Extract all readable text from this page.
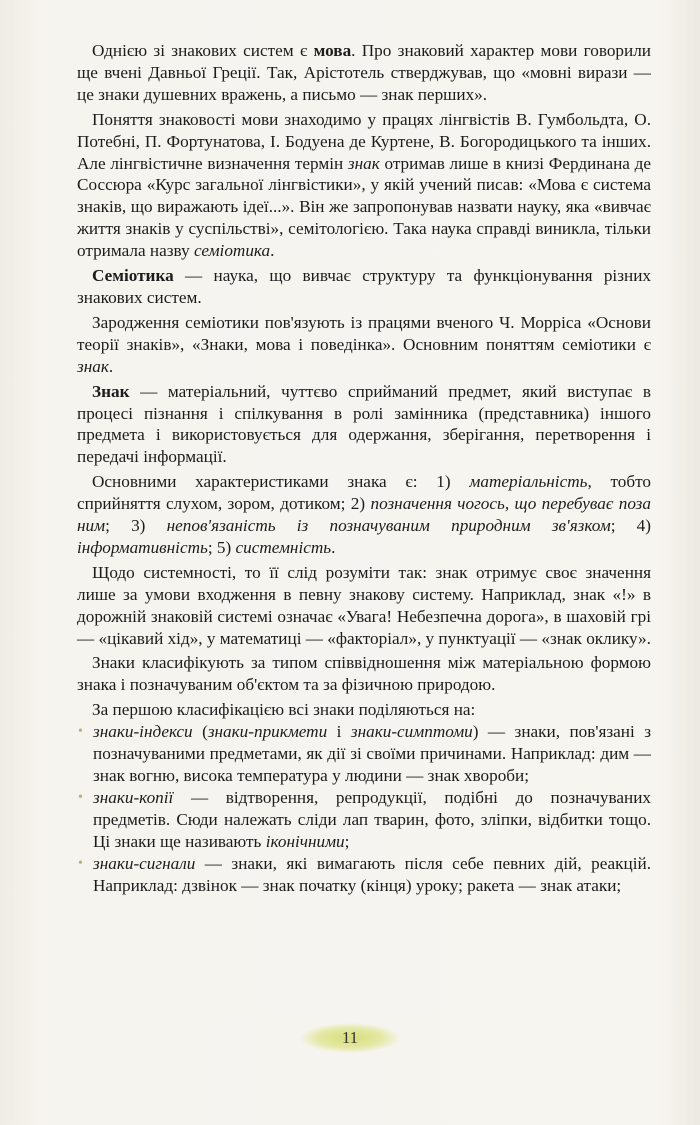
Однією зі знакових систем є мова. Про знаковий характер мови говорили ще вчені Давньої Греції. Так, Арістотель стверджував, що «мовні вирази — це знаки душевних вражень, а письмо — знак перших».

Поняття знаковості мови знаходимо у працях лінгвістів В. Гумбольдта, О. Потебні, П. Фортунатова, І. Бодуена де Куртене, В. Богородицького та інших. Але лінгвістичне визначення термін знак отримав лише в книзі Фердинана де Соссюра «Курс загальної лінгвістики», у якій учений писав: «Мова є система знаків, що виражають ідеї...». Він же запропонував назвати науку, яка «вивчає життя знаків у суспільстві», семітологією. Така наука справді виникла, тільки отримала назву семіотика.

Семіотика — наука, що вивчає структуру та функціонування різних знакових систем.

Зародження семіотики пов'язують із працями вченого Ч. Морріса «Основи теорії знаків», «Знаки, мова і поведінка». Основним поняттям семіотики є знак.

Знак — матеріальний, чуттєво сприйманий предмет, який виступає в процесі пізнання і спілкування в ролі замінника (представника) іншого предмета і використовується для одержання, зберігання, перетворення і передачі інформації.

Основними характеристиками знака є: 1) матеріальність, тобто сприйняття слухом, зором, дотиком; 2) позначення чогось, що перебуває поза ним; 3) непов'язаність із позначуваним природним зв'язком; 4) інформативність; 5) системність.

Щодо системності, то її слід розуміти так: знак отримує своє значення лише за умови входження в певну знакову систему. Наприклад, знак «!» в дорожній знаковій системі означає «Увага! Небезпечна дорога», в шаховій грі — «цікавий хід», у математиці — «факторіал», у пунктуації — «знак оклику».

Знаки класифікують за типом співвідношення між матеріальною формою знака і позначуваним об'єктом та за фізичною природою.

За першою класифікацією всі знаки поділяються на:

• знаки-індекси (знаки-прикмети і знаки-симптоми) — знаки, пов'язані з позначуваними предметами, як дії зі своїми причинами. Наприклад: дим — знак вогню, висока температура у людини — знак хвороби;
• знаки-копії — відтворення, репродукції, подібні до позначуваних предметів. Сюди належать сліди лап тварин, фото, зліпки, відбитки тощо. Ці знаки ще називають іконічними;
• знаки-сигнали — знаки, які вимагають після себе певних дій, реакцій. Наприклад: дзвінок — знак початку (кінця) уроку; ракета — знак атаки;
11
